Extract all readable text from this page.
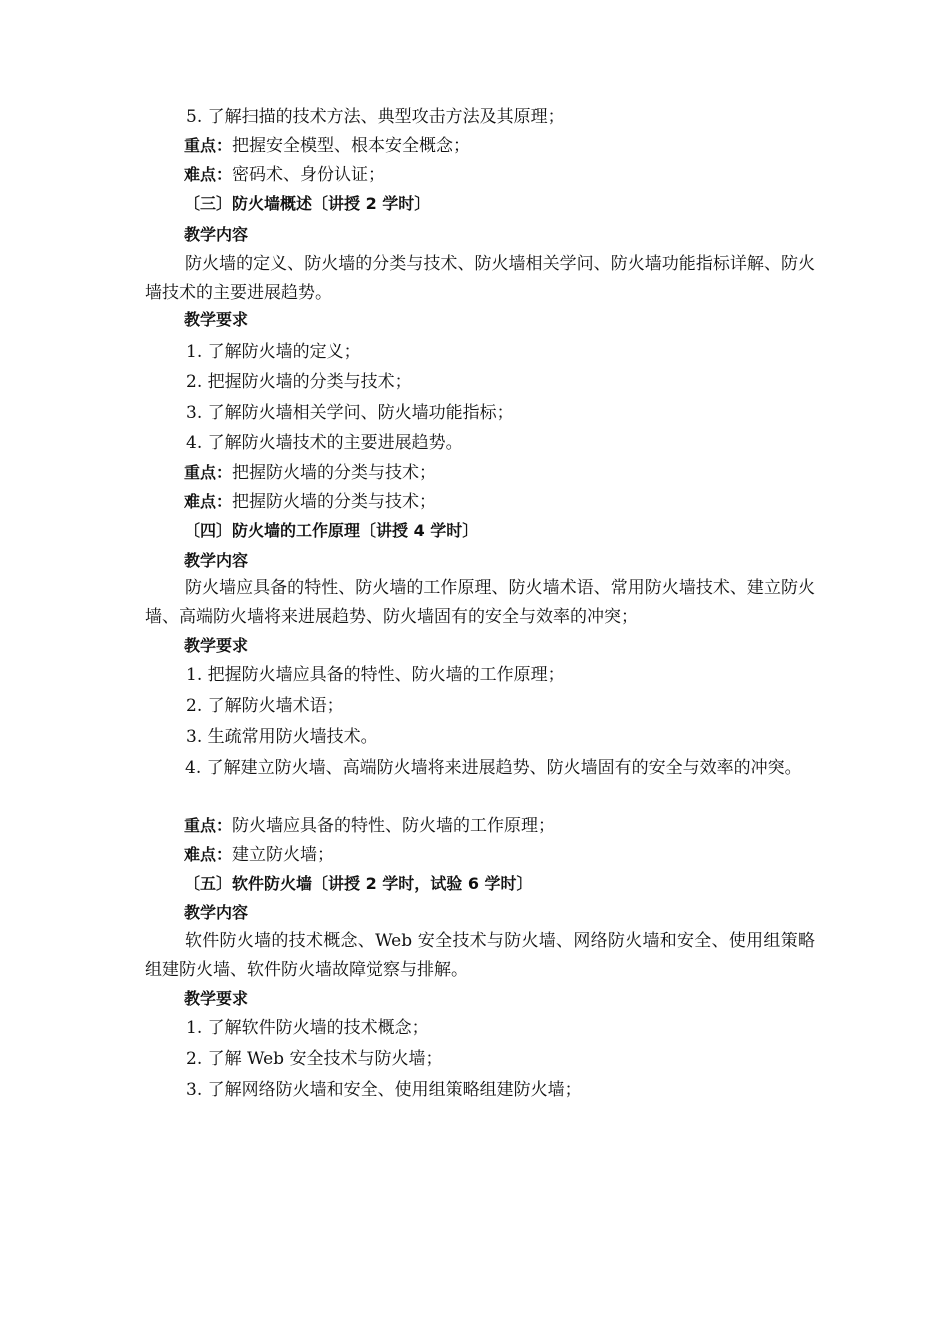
5. 了解扫描的技术方法、典型攻击方法及其原理；
重点：把握安全模型、根本安全概念；
难点：密码术、身份认证；
〔三〕防火墙概述〔讲授 2 学时〕
教学内容
防火墙的定义、防火墙的分类与技术、防火墙相关学问、防火墙功能指标详解、防火墙技术的主要进展趋势。
教学要求
1. 了解防火墙的定义；
2. 把握防火墙的分类与技术；
3. 了解防火墙相关学问、防火墙功能指标；
4. 了解防火墙技术的主要进展趋势。
重点：把握防火墙的分类与技术；
难点：把握防火墙的分类与技术；
〔四〕防火墙的工作原理〔讲授 4 学时〕
教学内容
防火墙应具备的特性、防火墙的工作原理、防火墙术语、常用防火墙技术、建立防火墙、高端防火墙将来进展趋势、防火墙固有的安全与效率的冲突；
教学要求
1. 把握防火墙应具备的特性、防火墙的工作原理；
2. 了解防火墙术语；
3. 生疏常用防火墙技术。
4. 了解建立防火墙、高端防火墙将来进展趋势、防火墙固有的安全与效率的冲突。
重点：防火墙应具备的特性、防火墙的工作原理；
难点：建立防火墙；
〔五〕软件防火墙〔讲授 2 学时，试验 6 学时〕
教学内容
软件防火墙的技术概念、Web 安全技术与防火墙、网络防火墙和安全、使用组策略组建防火墙、软件防火墙故障觉察与排解。
教学要求
1. 了解软件防火墙的技术概念；
2. 了解 Web 安全技术与防火墙；
3. 了解网络防火墙和安全、使用组策略组建防火墙；
